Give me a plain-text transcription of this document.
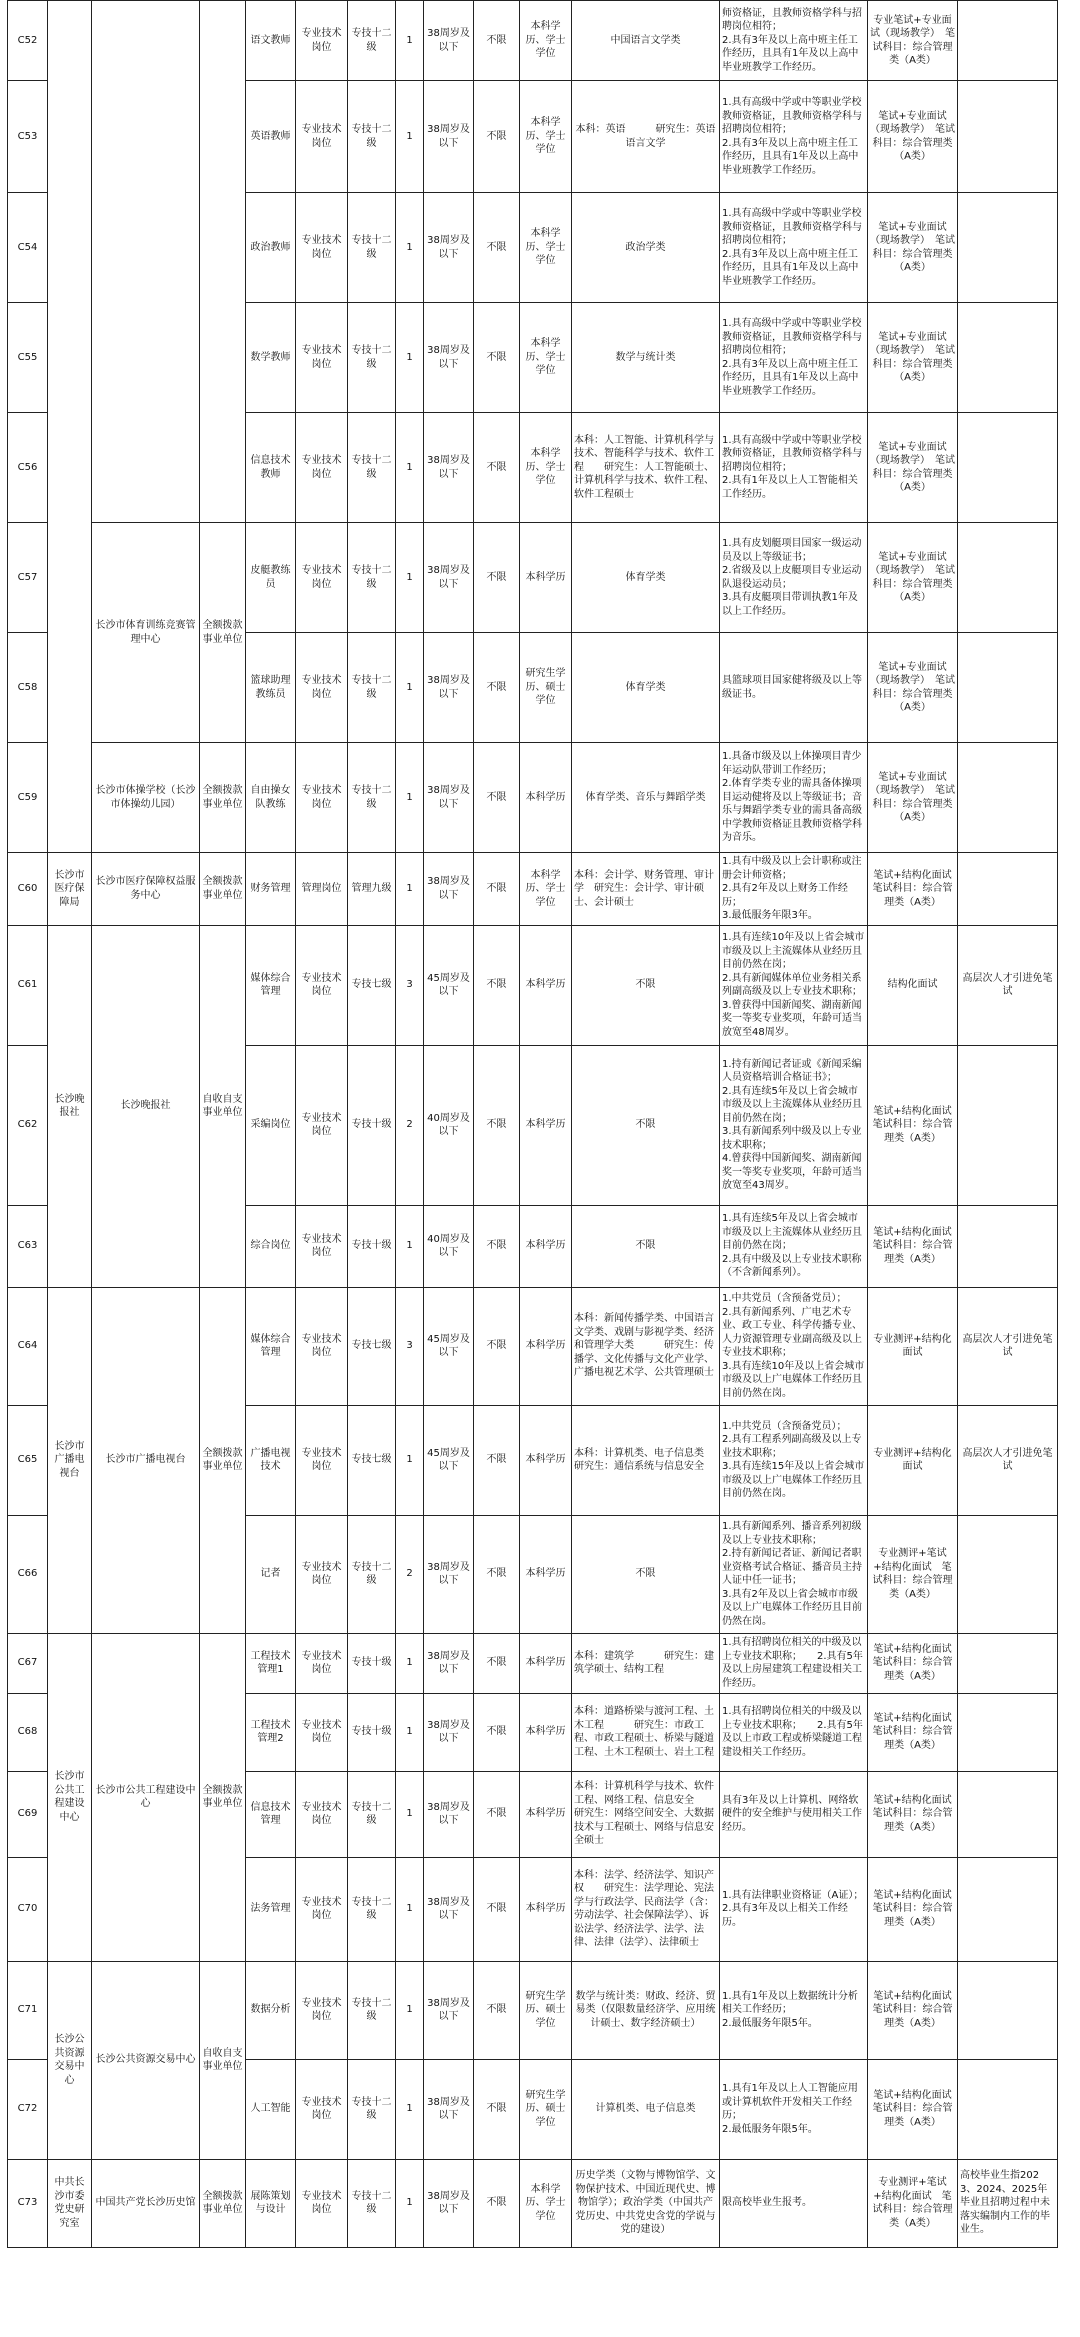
C52				语文教师	专业技术岗位	专技十二级	1	38周岁及以下	不限	本科学历、学士学位	中国语言文学类	师资格证，且教师资格学科与招聘岗位相符；
2.具有3年及以上高中班主任工作经历，且具有1年及以上高中毕业班教学工作经历。	专业笔试+专业面试（现场教学）　笔试科目：综合管理类（A类）	
C53				英语教师	专业技术岗位	专技十二级	1	38周岁及以下	不限	本科学历、学士学位	本科：英语　　　研究生：英语语言文学	1.具有高级中学或中等职业学校教师资格证，且教师资格学科与招聘岗位相符；
2.具有3年及以上高中班主任工作经历，且具有1年及以上高中毕业班教学工作经历。	笔试+专业面试（现场教学）　笔试科目：综合管理类（A类）	
C54				政治教师	专业技术岗位	专技十二级	1	38周岁及以下	不限	本科学历、学士学位	政治学类	1.具有高级中学或中等职业学校教师资格证，且教师资格学科与招聘岗位相符；
2.具有3年及以上高中班主任工作经历，且具有1年及以上高中毕业班教学工作经历。	笔试+专业面试（现场教学）　笔试科目：综合管理类（A类）	
C55				数学教师	专业技术岗位	专技十二级	1	38周岁及以下	不限	本科学历、学士学位	数学与统计类	1.具有高级中学或中等职业学校教师资格证，且教师资格学科与招聘岗位相符；
2.具有3年及以上高中班主任工作经历，且具有1年及以上高中毕业班教学工作经历。	笔试+专业面试（现场教学）　笔试科目：综合管理类（A类）	
C56				信息技术教师	专业技术岗位	专技十二级	1	38周岁及以下	不限	本科学历、学士学位	本科：人工智能、计算机科学与技术、智能科学与技术、软件工程　　研究生：人工智能硕士、计算机科学与技术、软件工程、软件工程硕士	1.具有高级中学或中等职业学校教师资格证，且教师资格学科与招聘岗位相符；
2.具有1年及以上人工智能相关工作经历。	笔试+专业面试（现场教学）　笔试科目：综合管理类（A类）	
C57		长沙市体育训练竞赛管理中心	全额拨款事业单位	皮艇教练员	专业技术岗位	专技十二级	1	38周岁及以下	不限	本科学历	体育学类	1.具有皮划艇项目国家一级运动员及以上等级证书；
2.省级及以上皮艇项目专业运动队退役运动员；
3.具有皮艇项目带训执教1年及以上工作经历。	笔试+专业面试（现场教学）　笔试科目：综合管理类（A类）	
C58				篮球助理教练员	专业技术岗位	专技十二级	1	38周岁及以下	不限	研究生学历、硕士学位	体育学类	具篮球项目国家健将级及以上等级证书。	笔试+专业面试（现场教学）　笔试科目：综合管理类（A类）	
C59		长沙市体操学校（长沙市体操幼儿园）	全额拨款事业单位	自由操女队教练	专业技术岗位	专技十二级	1	38周岁及以下	不限	本科学历	体育学类、音乐与舞蹈学类	1.具备市级及以上体操项目青少年运动队带训工作经历；
2.体育学类专业的需具备体操项目运动健将及以上等级证书；音乐与舞蹈学类专业的需具备高级中学教师资格证且教师资格学科为音乐。	笔试+专业面试（现场教学）　笔试科目：综合管理类（A类）	
C60	长沙市医疗保障局	长沙市医疗保障权益服务中心	全额拨款事业单位	财务管理	管理岗位	管理九级	1	38周岁及以下	不限	本科学历、学士学位	本科：会计学、财务管理、审计学　研究生：会计学、审计硕士、会计硕士	1.具有中级及以上会计职称或注册会计师资格；
2.具有2年及以上财务工作经历；
3.最低服务年限3年。	笔试+结构化面试　笔试科目：综合管理类（A类）	
C61	长沙晚报社	长沙晚报社	自收自支事业单位	媒体综合管理	专业技术岗位	专技七级	3	45周岁及以下	不限	本科学历	不限	1.具有连续10年及以上省会城市市级及以上主流媒体从业经历且目前仍然在岗；
2.具有新闻媒体单位业务相关系列副高级及以上专业技术职称；
3.曾获得中国新闻奖、湖南新闻奖一等奖专业奖项，年龄可适当放宽至48周岁。	结构化面试	高层次人才引进免笔试
C62				采编岗位	专业技术岗位	专技十级	2	40周岁及以下	不限	本科学历	不限	1.持有新闻记者证或《新闻采编人员资格培训合格证书》；
2.具有连续5年及以上省会城市市级及以上主流媒体从业经历且目前仍然在岗；
3.具有新闻系列中级及以上专业技术职称；
4.曾获得中国新闻奖、湖南新闻奖一等奖专业奖项，年龄可适当放宽至43周岁。	笔试+结构化面试　笔试科目：综合管理类（A类）	
C63				综合岗位	专业技术岗位	专技十级	1	40周岁及以下	不限	本科学历	不限	1.具有连续5年及以上省会城市市级及以上主流媒体从业经历且目前仍然在岗；
2.具有中级及以上专业技术职称（不含新闻系列）。	笔试+结构化面试　笔试科目：综合管理类（A类）	
C64	长沙市广播电视台	长沙市广播电视台	全额拨款事业单位	媒体综合管理	专业技术岗位	专技七级	3	45周岁及以下	不限	本科学历	本科：新闻传播学类、中国语言文学类、戏剧与影视学类、经济和管理学大类　　　研究生：传播学、文化传播与文化产业学、广播电视艺术学、公共管理硕士	1.中共党员（含预备党员）；
2.具有新闻系列、广电艺术专业、政工专业、科学传播专业、人力资源管理专业副高级及以上专业技术职称；
3.具有连续10年及以上省会城市市级及以上广电媒体工作经历且目前仍然在岗。	专业测评+结构化面试	高层次人才引进免笔试
C65				广播电视技术	专业技术岗位	专技七级	1	45周岁及以下	不限	本科学历	本科：计算机类、电子信息类　研究生：通信系统与信息安全	1.中共党员（含预备党员）；
2.具有工程系列副高级及以上专业技术职称；
3.具有连续15年及以上省会城市市级及以上广电媒体工作经历且目前仍然在岗。	专业测评+结构化面试	高层次人才引进免笔试
C66				记者	专业技术岗位	专技十二级	2	38周岁及以下	不限	本科学历	不限	1.具有新闻系列、播音系列初级及以上专业技术职称；
2.持有新闻记者证、新闻记者职业资格考试合格证、播音员主持人证中任一证书；
3.具有2年及以上省会城市市级及以上广电媒体工作经历且目前仍然在岗。	专业测评+笔试+结构化面试　笔试科目：综合管理类（A类）	
C67	长沙市公共工程建设中心	长沙市公共工程建设中心	全额拨款事业单位	工程技术管理1	专业技术岗位	专技十级	1	38周岁及以下	不限	本科学历	本科：建筑学　　　研究生：建筑学硕士、结构工程	1.具有招聘岗位相关的中级及以上专业技术职称；　　2.具有5年及以上房屋建筑工程建设相关工作经历。	笔试+结构化面试　笔试科目：综合管理类（A类）	
C68				工程技术管理2	专业技术岗位	专技十级	1	38周岁及以下	不限	本科学历	本科：道路桥梁与渡河工程、土木工程　　　研究生：市政工程、市政工程硕士、桥梁与隧道工程、土木工程硕士、岩土工程	1.具有招聘岗位相关的中级及以上专业技术职称；　　2.具有5年及以上市政工程或桥梁隧道工程建设相关工作经历。	笔试+结构化面试　笔试科目：综合管理类（A类）	
C69				信息技术管理	专业技术岗位	专技十二级	1	38周岁及以下	不限	本科学历	本科：计算机科学与技术、软件工程、网络工程、信息安全　　研究生：网络空间安全、大数据技术与工程硕士、网络与信息安全硕士	具有3年及以上计算机、网络软硬件的安全维护与使用相关工作经历。	笔试+结构化面试　笔试科目：综合管理类（A类）	
C70				法务管理	专业技术岗位	专技十二级	1	38周岁及以下	不限	本科学历	本科：法学、经济法学、知识产权　　研究生：法学理论、宪法学与行政法学、民商法学（含：劳动法学、社会保障法学）、诉讼法学、经济法学、法学、法律、法律（法学）、法律硕士	1.具有法律职业资格证（A证）；
2.具有3年及以上相关工作经历。	笔试+结构化面试　笔试科目：综合管理类（A类）	
C71	长沙公共资源交易中心	长沙公共资源交易中心	自收自支事业单位	数据分析	专业技术岗位	专技十二级	1	38周岁及以下	不限	研究生学历、硕士学位	数学与统计类：财政、经济、贸易类（仅限数量经济学、应用统计硕士、数字经济硕士）	1.具有1年及以上数据统计分析相关工作经历；
2.最低服务年限5年。	笔试+结构化面试　笔试科目：综合管理类（A类）	
C72				人工智能	专业技术岗位	专技十二级	1	38周岁及以下	不限	研究生学历、硕士学位	计算机类、电子信息类	1.具有1年及以上人工智能应用或计算机软件开发相关工作经历；
2.最低服务年限5年。	笔试+结构化面试　笔试科目：综合管理类（A类）	
C73	中共长沙市委党史研究室	中国共产党长沙历史馆	全额拨款事业单位	展陈策划与设计	专业技术岗位	专技十二级	1	38周岁及以下	不限	本科学历、学士学位	历史学类（文物与博物馆学、文物保护技术、中国近现代史、博物馆学）；政治学类（中国共产党历史、中共党史含党的学说与党的建设）	限高校毕业生报考。	专业测评+笔试+结构化面试　笔试科目：综合管理类（A类）	高校毕业生指2023、2024、2025年毕业且招聘过程中未落实编制内工作的毕业生。
